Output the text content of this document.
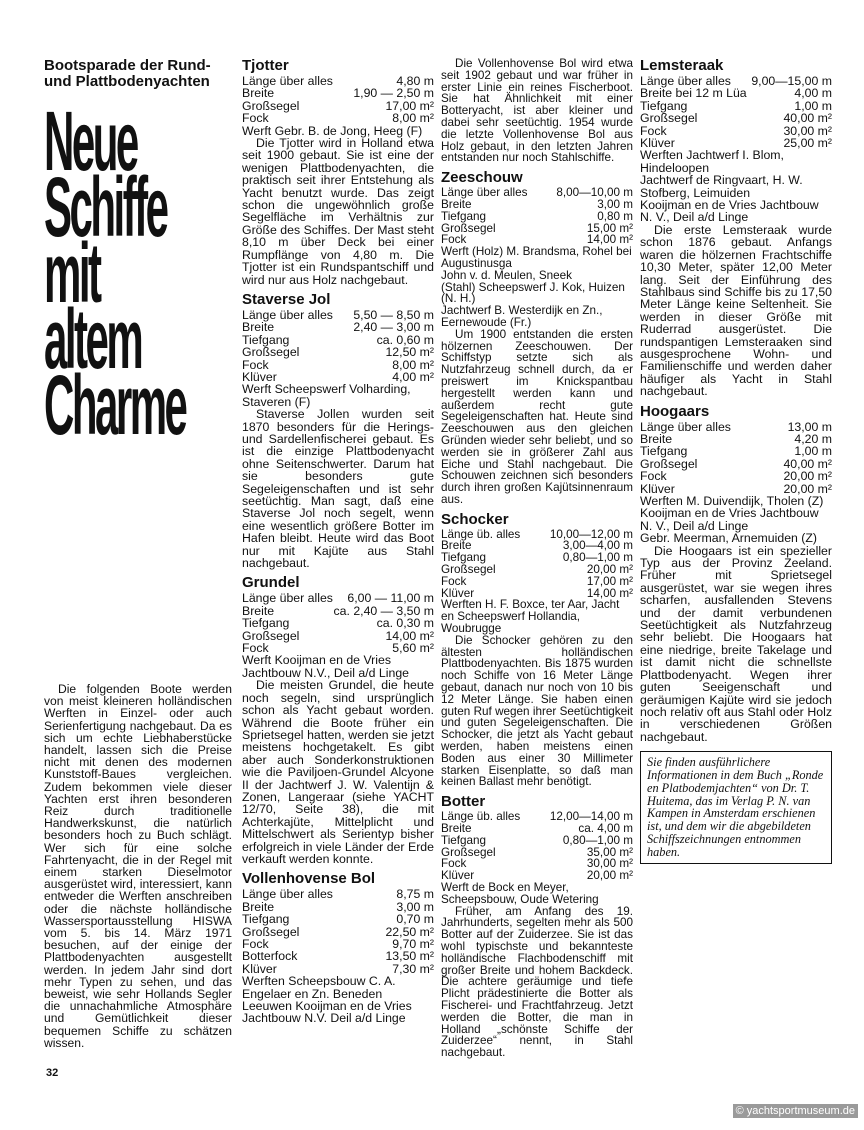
Bootsparade der Rund- und Plattbodenyachten
Neue
Schiffe
mit
altem
Charme

Die folgenden Boote werden von meist kleineren holländischen Werften in Einzel- oder auch Serienfertigung nachgebaut. Da es sich um echte Liebhaberstücke handelt, lassen sich die Preise nicht mit denen des modernen Kunststoff-Baues vergleichen. Zudem bekommen viele dieser Yachten erst ihren besonderen Reiz durch traditionelle Handwerkskunst, die natürlich besonders hoch zu Buch schlägt. Wer sich für eine solche Fahrtenyacht, die in der Regel mit einem starken Dieselmotor ausgerüstet wird, interessiert, kann entweder die Werften anschreiben oder die nächste holländische Wassersportausstellung HISWA vom 5. bis 14. März 1971 besuchen, auf der einige der Plattbodenyachten ausgestellt werden. In jedem Jahr sind dort mehr Typen zu sehen, und das beweist, wie sehr Hollands Segler die unnachahmliche Atmosphäre und Gemütlichkeit dieser bequemen Schiffe zu schätzen wissen.

Tjotter
Länge über alles	4,80 m
Breite	1,90 — 2,50 m
Großsegel	17,00 m²
Fock	8,00 m²

Werft Gebr. B. de Jong, Heeg (F)

Die Tjotter wird in Holland etwa seit 1900 gebaut. Sie ist eine der wenigen Plattbodenyachten, die praktisch seit ihrer Entstehung als Yacht benutzt wurde. Das zeigt schon die ungewöhnlich große Segelfläche im Verhältnis zur Größe des Schiffes. Der Mast steht 8,10 m über Deck bei einer Rumpflänge von 4,80 m. Die Tjotter ist ein Rundspantschiff und wird nur aus Holz nachgebaut.

Staverse Jol
Länge über alles	5,50 — 8,50 m
Breite	2,40 — 3,00 m
Tiefgang	ca. 0,60 m
Großsegel	12,50 m²
Fock	8,00 m²
Klüver	4,00 m²

Werft Scheepswerf Volharding, Staveren (F)

Staverse Jollen wurden seit 1870 besonders für die Herings- und Sardellenfischerei gebaut. Es ist die einzige Plattbodenyacht ohne Seitenschwerter. Darum hat sie besonders gute Segeleigenschaften und ist sehr seetüchtig. Man sagt, daß eine Staverse Jol noch segelt, wenn eine wesentlich größere Botter im Hafen bleibt. Heute wird das Boot nur mit Kajüte aus Stahl nachgebaut.

Grundel
Länge über alles	6,00 — 11,00 m
Breite	ca. 2,40 — 3,50 m
Tiefgang	ca. 0,30 m
Großsegel	14,00 m²
Fock	5,60 m²

Werft Kooijman en de Vries Jachtbouw N.V., Deil a/d Linge

Die meisten Grundel, die heute noch segeln, sind ursprünglich schon als Yacht gebaut worden. Während die Boote früher ein Sprietsegel hatten, werden sie jetzt meistens hochgetakelt. Es gibt aber auch Sonderkonstruktionen wie die Paviljoen-Grundel Alcyone II der Jachtwerf J. W. Valentijn & Zonen, Langeraar (siehe YACHT 12/70, Seite 38), die mit Achterkajüte, Mittelplicht und Mittelschwert als Serientyp bisher erfolgreich in viele Länder der Erde verkauft werden konnte.

Vollenhovense Bol
Länge über alles	8,75 m
Breite	3,00 m
Tiefgang	0,70 m
Großsegel	22,50 m²
Fock	9,70 m²
Botterfock	13,50 m²
Klüver	7,30 m²

Werften Scheepsbouw C. A. Engelaer en Zn. Beneden Leeuwen Kooijman en de Vries Jachtbouw N.V. Deil a/d Linge

Die Vollenhovense Bol wird etwa seit 1902 gebaut und war früher in erster Linie ein reines Fischerboot. Sie hat Ähnlichkeit mit einer Botteryacht, ist aber kleiner und dabei sehr seetüchtig. 1954 wurde die letzte Vollenhovense Bol aus Holz gebaut, in den letzten Jahren entstanden nur noch Stahlschiffe.

Zeeschouw
Länge über alles	8,00—10,00 m
Breite	3,00 m
Tiefgang	0,80 m
Großsegel	15,00 m²
Fock	14,00 m²

Werft (Holz) M. Brandsma, Rohel bei Augustinusga

John v. d. Meulen, Sneek

(Stahl) Scheepswerf J. Kok, Huizen (N. H.)

Jachtwerf B. Westerdijk en Zn., Eernewoude (Fr.)

Um 1900 entstanden die ersten hölzernen Zeeschouwen. Der Schiffstyp setzte sich als Nutzfahrzeug schnell durch, da er preiswert im Knickspantbau hergestellt werden kann und außerdem recht gute Segeleigenschaften hat. Heute sind Zeeschouwen aus den gleichen Gründen wieder sehr beliebt, und so werden sie in größerer Zahl aus Eiche und Stahl nachgebaut. Die Schouwen zeichnen sich besonders durch ihren großen Kajütsinnenraum aus.

Schocker
Länge üb. alles	10,00—12,00 m
Breite	3,00—4,00 m
Tiefgang	0,80—1,00 m
Großsegel	20,00 m²
Fock	17,00 m²
Klüver	14,00 m²

Werften H. F. Boxce, ter Aar, Jacht en Scheepswerf Hollandia, Woubrugge

Die Schocker gehören zu den ältesten holländischen Plattbodenyachten. Bis 1875 wurden noch Schiffe von 16 Meter Länge gebaut, danach nur noch von 10 bis 12 Meter Länge. Sie haben einen guten Ruf wegen ihrer Seetüchtigkeit und guten Segeleigenschaften. Die Schocker, die jetzt als Yacht gebaut werden, haben meistens einen Boden aus einer 30 Millimeter starken Eisenplatte, so daß man keinen Ballast mehr benötigt.

Botter
Länge üb. alles	12,00—14,00 m
Breite	ca. 4,00 m
Tiefgang	0,80—1,00 m
Großsegel	35,00 m²
Fock	30,00 m²
Klüver	20,00 m²

Werft de Bock en Meyer, Scheepsbouw, Oude Wetering

Früher, am Anfang des 19. Jahrhunderts, segelten mehr als 500 Botter auf der Zuiderzee. Sie ist das wohl typischste und bekannteste holländische Flachbodenschiff mit großer Breite und hohem Backdeck. Die achtere geräumige und tiefe Plicht prädestinierte die Botter als Fischerei- und Frachtfahrzeug. Jetzt werden die Botter, die man in Holland „schönste Schiffe der Zuiderzee“ nennt, in Stahl nachgebaut.

Lemsteraak
Länge über alles	9,00—15,00 m
Breite bei 12 m Lüa	4,00 m
Tiefgang	1,00 m
Großsegel	40,00 m²
Fock	30,00 m²
Klüver	25,00 m²

Werften Jachtwerf I. Blom, Hindeloopen

Jachtwerf de Ringvaart, H. W. Stofberg, Leimuiden

Kooijman en de Vries Jachtbouw N. V., Deil a/d Linge

Die erste Lemsteraak wurde schon 1876 gebaut. Anfangs waren die hölzernen Frachtschiffe 10,30 Meter, später 12,00 Meter lang. Seit der Einführung des Stahlbaus sind Schiffe bis zu 17,50 Meter Länge keine Seltenheit. Sie werden in dieser Größe mit Ruderrad ausgerüstet. Die rundspantigen Lemsteraaken sind ausgesprochene Wohn- und Familienschiffe und werden daher häufiger als Yacht in Stahl nachgebaut.

Hoogaars
Länge über alles	13,00 m
Breite	4,20 m
Tiefgang	1,00 m
Großsegel	40,00 m²
Fock	20,00 m²
Klüver	20,00 m²

Werften M. Duivendijk, Tholen (Z)

Kooijman en de Vries Jachtbouw N. V., Deil a/d Linge

Gebr. Meerman, Arnemuiden (Z)

Die Hoogaars ist ein spezieller Typ aus der Provinz Zeeland. Früher mit Sprietsegel ausgerüstet, war sie wegen ihres scharfen, ausfallenden Stevens und der damit verbundenen Seetüchtigkeit als Nutzfahrzeug sehr beliebt. Die Hoogaars hat eine niedrige, breite Takelage und ist damit nicht die schnellste Plattbodenyacht. Wegen ihrer guten Seeigenschaft und geräumigen Kajüte wird sie jedoch noch relativ oft aus Stahl oder Holz in verschiedenen Größen nachgebaut.

Sie finden ausführlichere Informationen in dem Buch „Ronde en Platbodemjachten“ von Dr. T. Huitema, das im Verlag P. N. van Kampen in Amsterdam erschienen ist, und dem wir die abgebildeten Schiffszeichnungen entnommen haben.
32
© yachtsportmuseum.de
